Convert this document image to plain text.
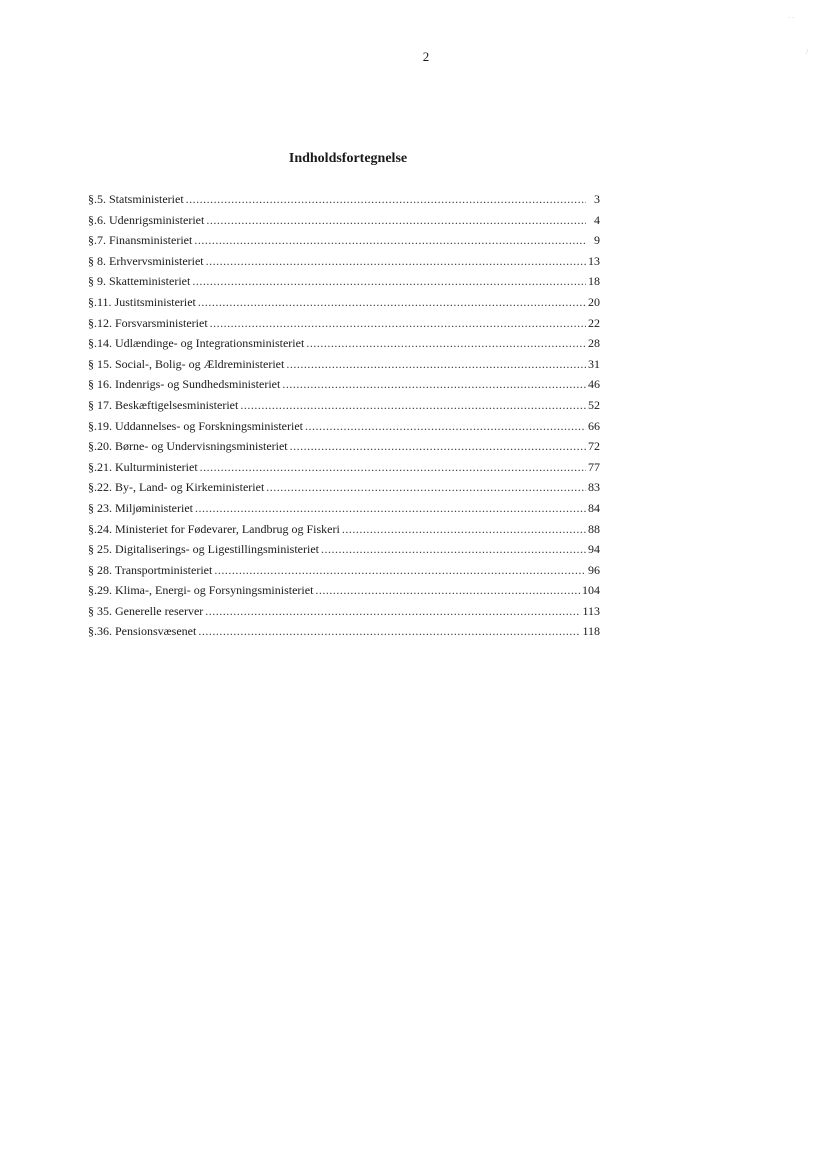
2
Indholdsfortegnelse
§.5. Statsministeriet .....	3
§.6. Udenrigsministeriet .....	4
§.7. Finansministeriet .....	9
§ 8. Erhvervsministeriet .....	13
§ 9. Skatteministeriet .....	18
§.11. Justitsministeriet .....	20
§.12. Forsvarsministeriet .....	22
§.14. Udlændinge- og Integrationsministeriet .....	28
§ 15. Social-, Bolig- og Ældreministeriet .....	31
§ 16. Indenrigs- og Sundhedsministeriet .....	46
§ 17. Beskæftigelsesministeriet .....	52
§.19. Uddannelses- og Forskningsministeriet .....	66
§.20. Børne- og Undervisningsministeriet .....	72
§.21. Kulturministeriet .....	77
§.22. By-, Land- og Kirkeministeriet .....	83
§ 23. Miljøministeriet .....	84
§.24. Ministeriet for Fødevarer, Landbrug og Fiskeri .....	88
§ 25. Digitaliserings- og Ligestillingsministeriet .....	94
§ 28. Transportministeriet .....	96
§.29. Klima-, Energi- og Forsyningsministeriet .....	104
§ 35. Generelle reserver .....	113
§.36. Pensionsvæsenet .....	118
· ·
/
